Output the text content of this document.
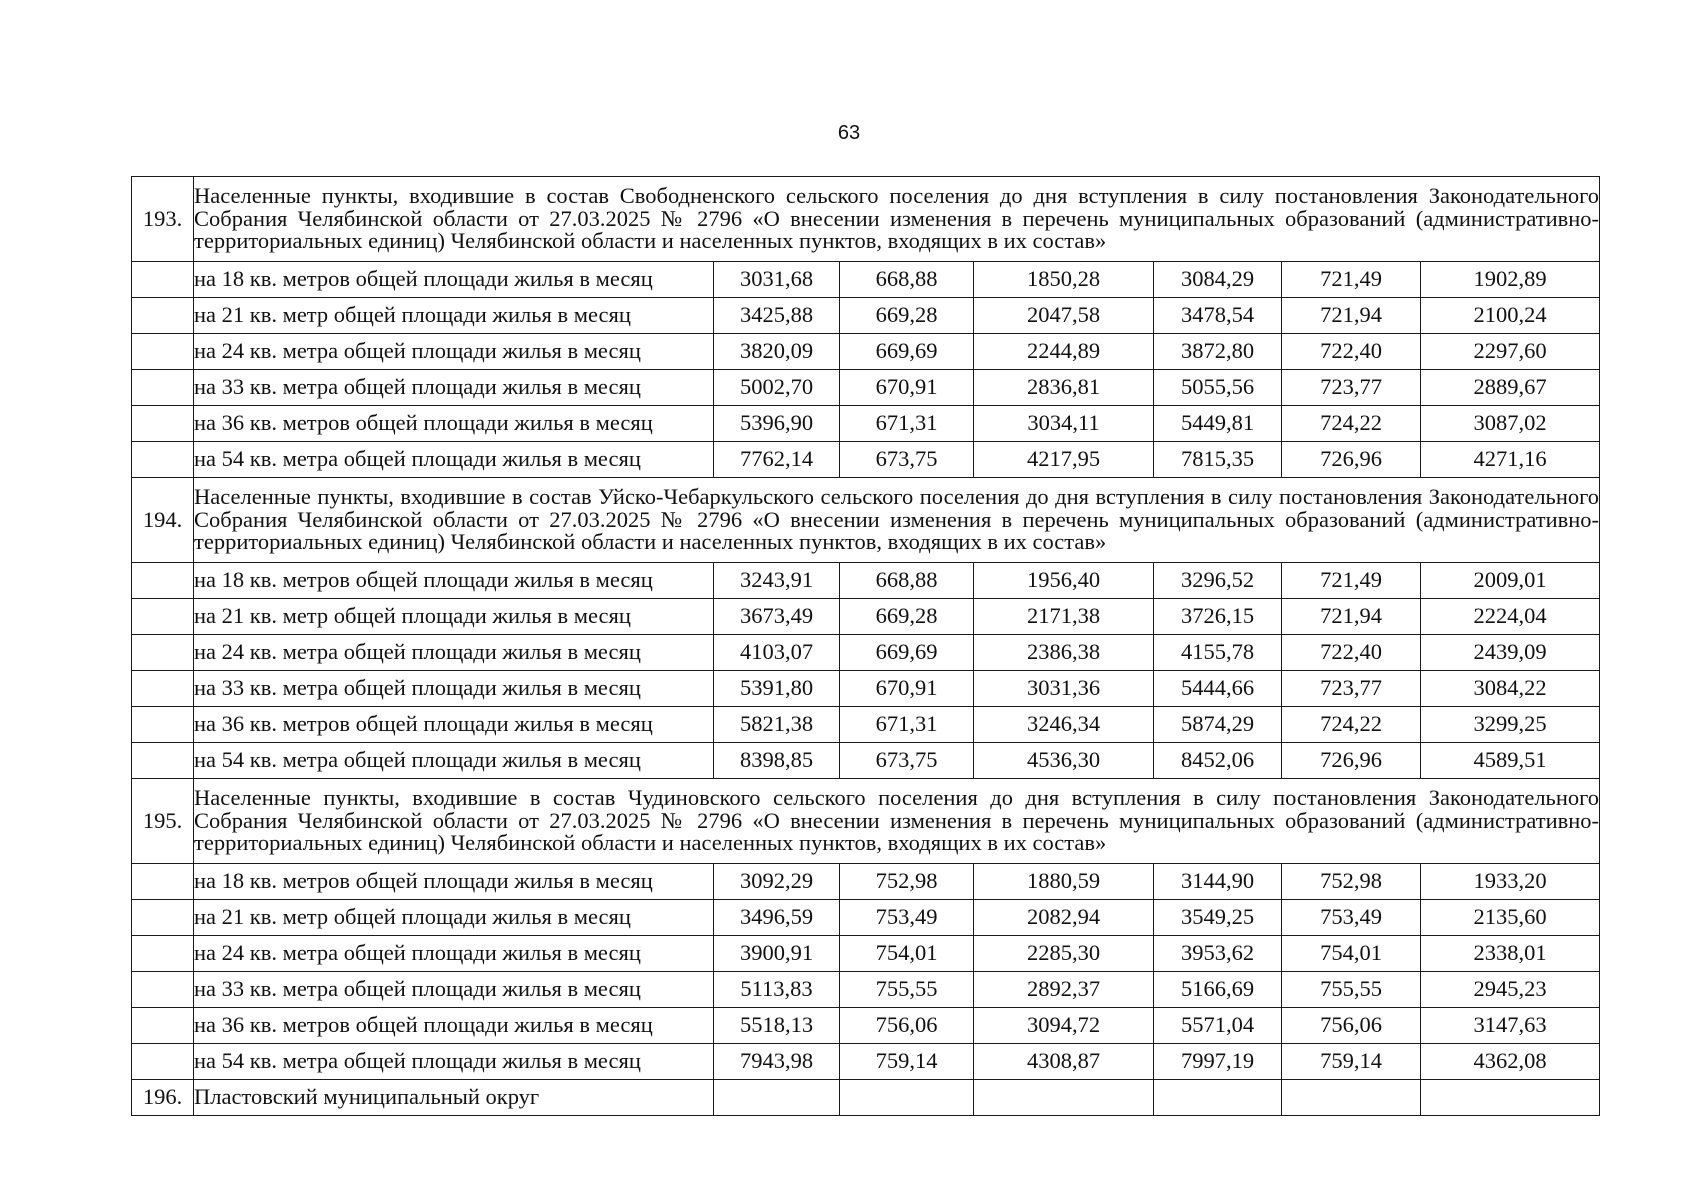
63
193.	Населенные пункты, входившие в состав Свободненского сельского поселения до дня вступления в силу постановления Законодательного Собрания Челябинской области от 27.03.2025 № 2796 «О внесении изменения в перечень муниципальных образований (административно-территориальных единиц) Челябинской области и населенных пунктов, входящих в их состав»						
	на 18 кв. метров общей площади жилья в месяц	3031,68	668,88	1850,28	3084,29	721,49	1902,89
	на 21 кв. метр общей площади жилья в месяц	3425,88	669,28	2047,58	3478,54	721,94	2100,24
	на 24 кв. метра общей площади жилья в месяц	3820,09	669,69	2244,89	3872,80	722,40	2297,60
	на 33 кв. метра общей площади жилья в месяц	5002,70	670,91	2836,81	5055,56	723,77	2889,67
	на 36 кв. метров общей площади жилья в месяц	5396,90	671,31	3034,11	5449,81	724,22	3087,02
	на 54 кв. метра общей площади жилья в месяц	7762,14	673,75	4217,95	7815,35	726,96	4271,16
194.	Населенные пункты, входившие в состав Уйско-Чебаркульского сельского поселения до дня вступления в силу постановления Законодательного Собрания Челябинской области от 27.03.2025 № 2796 «О внесении изменения в перечень муниципальных образований (административно-территориальных единиц) Челябинской области и населенных пунктов, входящих в их состав»						
	на 18 кв. метров общей площади жилья в месяц	3243,91	668,88	1956,40	3296,52	721,49	2009,01
	на 21 кв. метр общей площади жилья в месяц	3673,49	669,28	2171,38	3726,15	721,94	2224,04
	на 24 кв. метра общей площади жилья в месяц	4103,07	669,69	2386,38	4155,78	722,40	2439,09
	на 33 кв. метра общей площади жилья в месяц	5391,80	670,91	3031,36	5444,66	723,77	3084,22
	на 36 кв. метров общей площади жилья в месяц	5821,38	671,31	3246,34	5874,29	724,22	3299,25
	на 54 кв. метра общей площади жилья в месяц	8398,85	673,75	4536,30	8452,06	726,96	4589,51
195.	Населенные пункты, входившие в состав Чудиновского сельского поселения до дня вступления в силу постановления Законодательного Собрания Челябинской области от 27.03.2025 № 2796 «О внесении изменения в перечень муниципальных образований (административно-территориальных единиц) Челябинской области и населенных пунктов, входящих в их состав»						
	на 18 кв. метров общей площади жилья в месяц	3092,29	752,98	1880,59	3144,90	752,98	1933,20
	на 21 кв. метр общей площади жилья в месяц	3496,59	753,49	2082,94	3549,25	753,49	2135,60
	на 24 кв. метра общей площади жилья в месяц	3900,91	754,01	2285,30	3953,62	754,01	2338,01
	на 33 кв. метра общей площади жилья в месяц	5113,83	755,55	2892,37	5166,69	755,55	2945,23
	на 36 кв. метров общей площади жилья в месяц	5518,13	756,06	3094,72	5571,04	756,06	3147,63
	на 54 кв. метра общей площади жилья в месяц	7943,98	759,14	4308,87	7997,19	759,14	4362,08
196.	Пластовский муниципальный округ						
